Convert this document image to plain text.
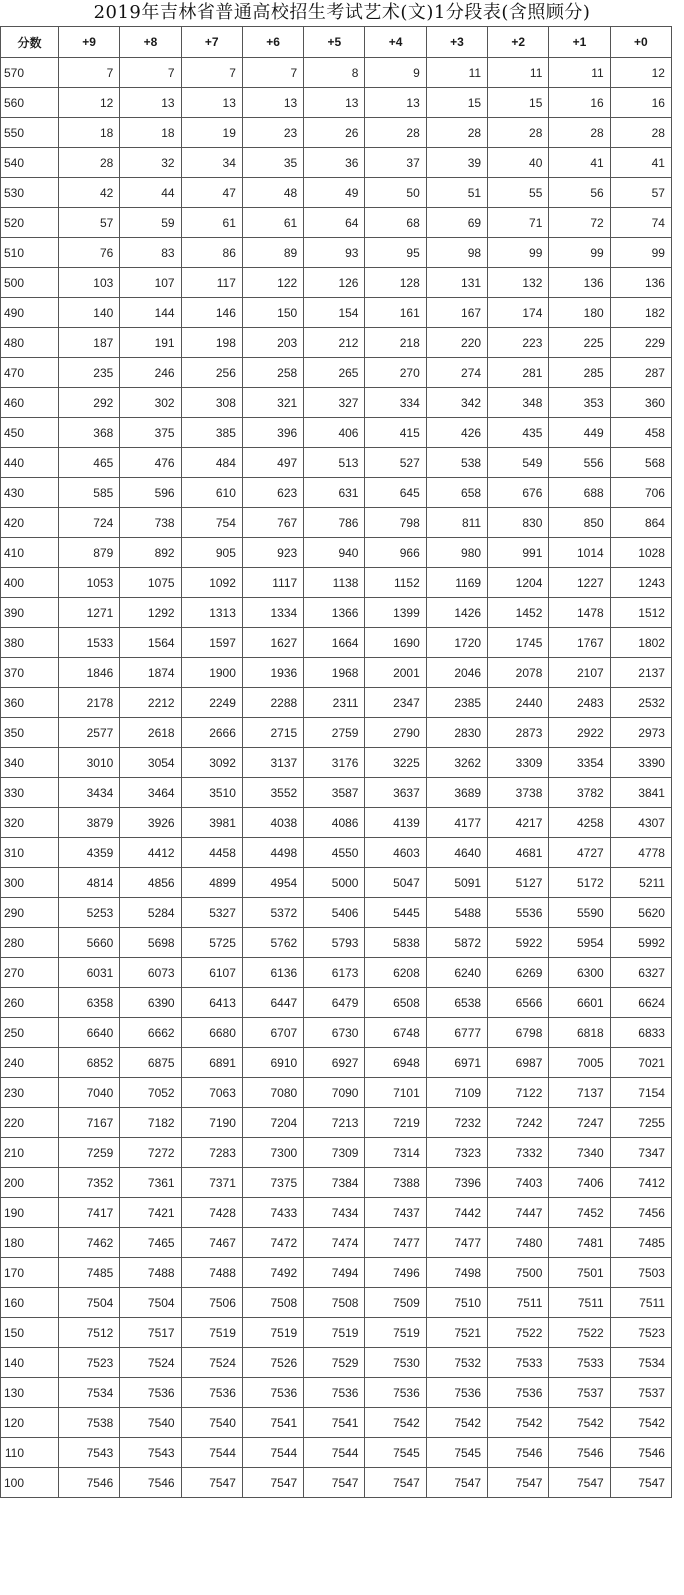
2019年吉林省普通高校招生考试艺术(文)1分段表(含照顾分)
分数	+9	+8	+7	+6	+5	+4	+3	+2	+1	+0
570	7	7	7	7	8	9	11	11	11	12
560	12	13	13	13	13	13	15	15	16	16
550	18	18	19	23	26	28	28	28	28	28
540	28	32	34	35	36	37	39	40	41	41
530	42	44	47	48	49	50	51	55	56	57
520	57	59	61	61	64	68	69	71	72	74
510	76	83	86	89	93	95	98	99	99	99
500	103	107	117	122	126	128	131	132	136	136
490	140	144	146	150	154	161	167	174	180	182
480	187	191	198	203	212	218	220	223	225	229
470	235	246	256	258	265	270	274	281	285	287
460	292	302	308	321	327	334	342	348	353	360
450	368	375	385	396	406	415	426	435	449	458
440	465	476	484	497	513	527	538	549	556	568
430	585	596	610	623	631	645	658	676	688	706
420	724	738	754	767	786	798	811	830	850	864
410	879	892	905	923	940	966	980	991	1014	1028
400	1053	1075	1092	1117	1138	1152	1169	1204	1227	1243
390	1271	1292	1313	1334	1366	1399	1426	1452	1478	1512
380	1533	1564	1597	1627	1664	1690	1720	1745	1767	1802
370	1846	1874	1900	1936	1968	2001	2046	2078	2107	2137
360	2178	2212	2249	2288	2311	2347	2385	2440	2483	2532
350	2577	2618	2666	2715	2759	2790	2830	2873	2922	2973
340	3010	3054	3092	3137	3176	3225	3262	3309	3354	3390
330	3434	3464	3510	3552	3587	3637	3689	3738	3782	3841
320	3879	3926	3981	4038	4086	4139	4177	4217	4258	4307
310	4359	4412	4458	4498	4550	4603	4640	4681	4727	4778
300	4814	4856	4899	4954	5000	5047	5091	5127	5172	5211
290	5253	5284	5327	5372	5406	5445	5488	5536	5590	5620
280	5660	5698	5725	5762	5793	5838	5872	5922	5954	5992
270	6031	6073	6107	6136	6173	6208	6240	6269	6300	6327
260	6358	6390	6413	6447	6479	6508	6538	6566	6601	6624
250	6640	6662	6680	6707	6730	6748	6777	6798	6818	6833
240	6852	6875	6891	6910	6927	6948	6971	6987	7005	7021
230	7040	7052	7063	7080	7090	7101	7109	7122	7137	7154
220	7167	7182	7190	7204	7213	7219	7232	7242	7247	7255
210	7259	7272	7283	7300	7309	7314	7323	7332	7340	7347
200	7352	7361	7371	7375	7384	7388	7396	7403	7406	7412
190	7417	7421	7428	7433	7434	7437	7442	7447	7452	7456
180	7462	7465	7467	7472	7474	7477	7477	7480	7481	7485
170	7485	7488	7488	7492	7494	7496	7498	7500	7501	7503
160	7504	7504	7506	7508	7508	7509	7510	7511	7511	7511
150	7512	7517	7519	7519	7519	7519	7521	7522	7522	7523
140	7523	7524	7524	7526	7529	7530	7532	7533	7533	7534
130	7534	7536	7536	7536	7536	7536	7536	7536	7537	7537
120	7538	7540	7540	7541	7541	7542	7542	7542	7542	7542
110	7543	7543	7544	7544	7544	7545	7545	7546	7546	7546
100	7546	7546	7547	7547	7547	7547	7547	7547	7547	7547
